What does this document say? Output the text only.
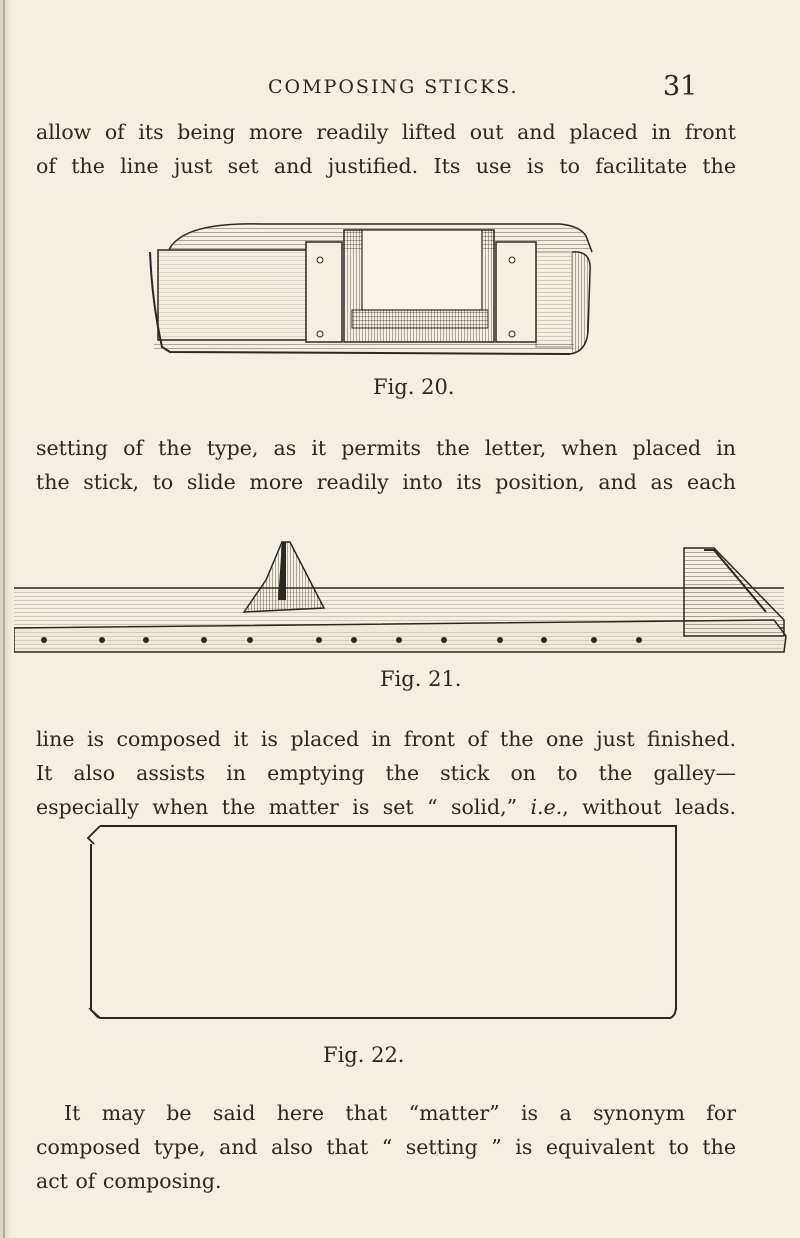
COMPOSING STICKS.	31
allow of its being more readily lifted out and placed in front
of the line just set and justified. Its use is to facilitate the
Fig. 20.
setting of the type, as it permits the letter, when placed in
the stick, to slide more readily into its position, and as each
Fig. 21.
line is composed it is placed in front of the one just finished.
It also assists in emptying the stick on to the galley—
especially when the matter is set “ solid,” i.e., without leads.
Fig. 22.
It may be said here that “matter” is a synonym for
composed type, and also that “ setting ” is equivalent to the
act of composing.
